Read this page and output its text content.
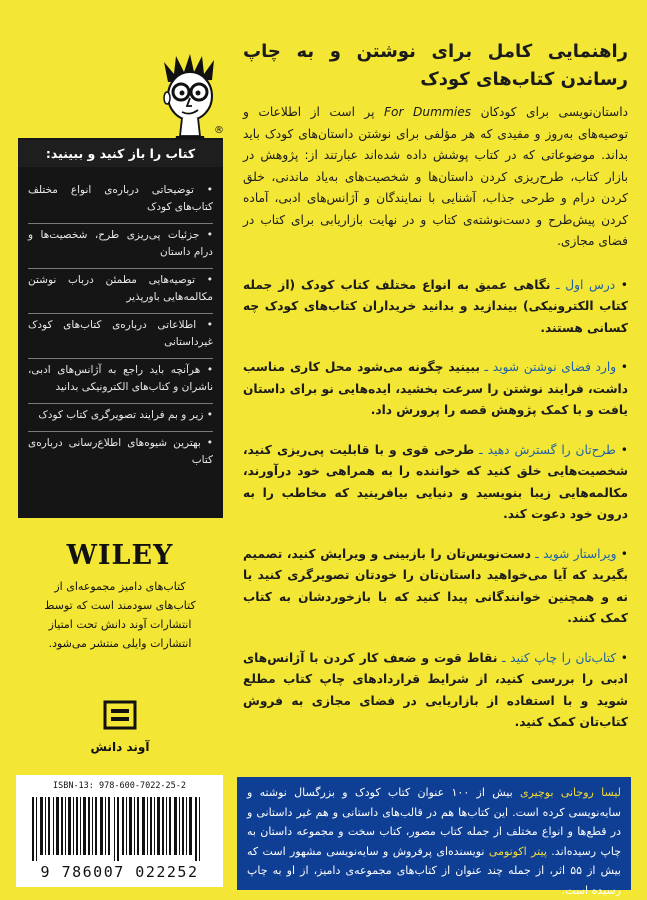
®
راهنمایی کامل برای نوشتن و به چاپ رساندن کتاب‌های کودک
داستان‌نویسی برای کودکان For Dummies پر است از اطلاعات و توصیه‌های به‌روز و مفیدی که هر مؤلفی برای نوشتن داستان‌های کودک باید بداند. موضوعاتی که در کتاب پوشش داده شده‌اند عبارتند از: پژوهش در بازار کتاب، طرح‌ریزی کردن داستان‌ها و شخصیت‌های به‌یاد ماندنی، خلق کردن درام و طرحی جذاب، آشنایی با نمایندگان و آژانس‌های ادبی، آماده کردن پیش‌طرح و دست‌نوشته‌ی کتاب و در نهایت بازاریابی برای کتاب در فضای مجازی.
• درس اول ـ نگاهی عمیق به انواع مختلف کتاب کودک (از جمله کتاب الکترونیکی) بیندازید و بدانید خریداران کتاب‌های کودک چه کسانی هستند.
• وارد فضای نوشتن شوید ـ ببینید چگونه می‌شود محل کاری مناسب داشت، فرایند نوشتن را سرعت بخشید، ایده‌هایی نو برای داستان یافت و با کمک پژوهش قصه را پرورش داد.
• طرح‌تان را گسترش دهید ـ طرحی قوی و با قابلیت پی‌ریزی کنید، شخصیت‌هایی خلق کنید که خواننده را به همراهی خود درآورند، مکالمه‌هایی زیبا بنویسید و دنیایی بیافرینید که مخاطب را به درون خود دعوت کند.
• ویراستار شوید ـ دست‌نویس‌تان را بازبینی و ویرایش کنید، تصمیم بگیرید که آیا می‌خواهید داستان‌تان را خودتان تصویرگری کنید یا نه و همچنین خوانندگانی پیدا کنید که با بازخوردشان به کتاب کمک کنند.
• کتاب‌تان را چاپ کنید ـ نقاط قوت و ضعف کار کردن با آژانس‌های ادبی را بررسی کنید، از شرایط قراردادهای چاپ کتاب مطلع شوید و با استفاده از بازاریابی در فضای مجازی به فروش کتاب‌تان کمک کنید.
کتاب را باز کنید و ببینید:
• توضیحاتی درباره‌ی انواع مختلف کتاب‌های کودک
• جزئیات پی‌ریزی طرح، شخصیت‌ها و درام داستان
• توصیه‌هایی مطمئن درباب نوشتن مکالمه‌هایی باورپذیر
• اطلاعاتی درباره‌ی کتاب‌های کودک غیرداستانی
• هرآنچه باید راجع به آژانس‌های ادبی، ناشران و کتاب‌های الکترونیکی بدانید
• زیر و بم فرایند تصویرگری کتاب کودک
• بهترین شیوه‌های اطلاع‌رسانی درباره‌ی کتاب
WILEY
کتاب‌های دامیز مجموعه‌ای از کتاب‌های سودمند است که توسط انتشارات آوند دانش تحت امتیاز انتشارات وایلی منتشر می‌شود.
آوند دانش
ISBN-13: 978-600-7022-25-2
9 786007 022252
لیسا روجانی بوچیری بیش از ۱۰۰ عنوان کتاب کودک و بزرگسال نوشته و سایه‌نویسی کرده است. این کتاب‌ها هم در قالب‌های داستانی و هم غیر داستانی و در قطع‌ها و انواع مختلف از جمله کتاب مصور، کتاب سخت و مجموعه داستان به چاپ رسیده‌اند. پیتر اکونومی نویسنده‌ای پرفروش و سایه‌نویسی مشهور است که بیش از ۵۵ اثر، از جمله چند عنوان از کتاب‌های مجموعه‌ی دامیز، از او به چاپ رسیده است.
